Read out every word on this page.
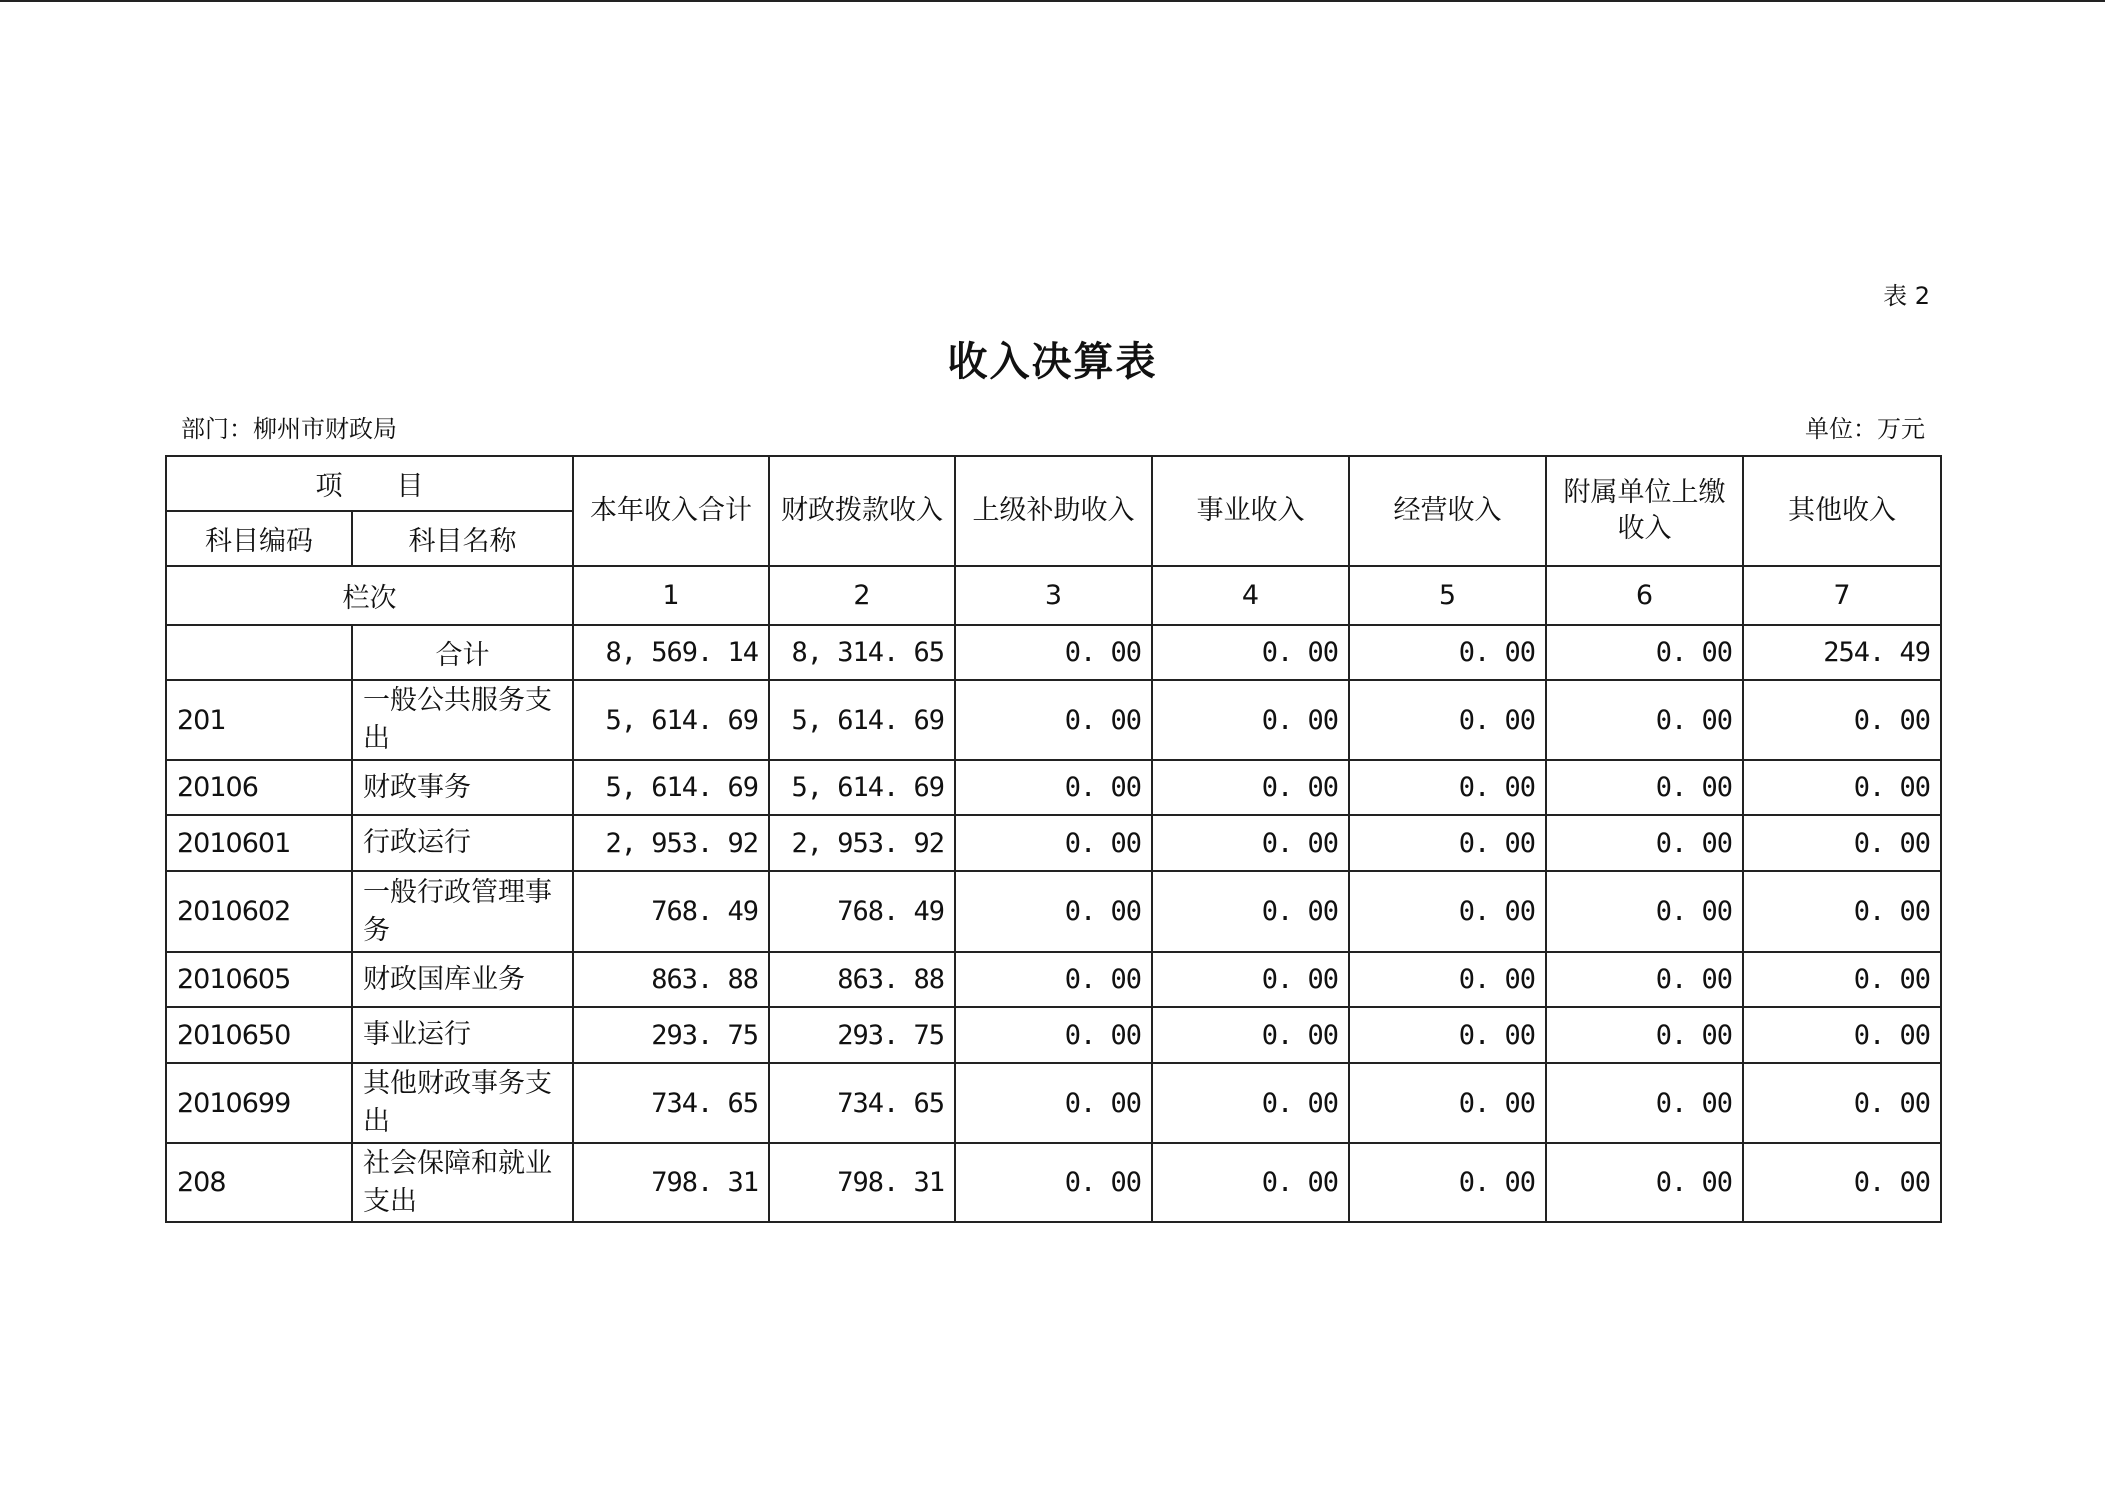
表 2
收入决算表
部门：柳州市财政局	单位：万元
项　　目		本年收入合计	财政拨款收入	上级补助收入	事业收入	经营收入	附属单位上缴收入	其他收入
科目编码	科目名称							
栏次		1	2	3	4	5	6	7
	合计	8, 569. 14	8, 314. 65	0. 00	0. 00	0. 00	0. 00	254. 49
201	一般公共服务支出	5, 614. 69	5, 614. 69	0. 00	0. 00	0. 00	0. 00	0. 00
20106	财政事务	5, 614. 69	5, 614. 69	0. 00	0. 00	0. 00	0. 00	0. 00
2010601	行政运行	2, 953. 92	2, 953. 92	0. 00	0. 00	0. 00	0. 00	0. 00
2010602	一般行政管理事务	768. 49	768. 49	0. 00	0. 00	0. 00	0. 00	0. 00
2010605	财政国库业务	863. 88	863. 88	0. 00	0. 00	0. 00	0. 00	0. 00
2010650	事业运行	293. 75	293. 75	0. 00	0. 00	0. 00	0. 00	0. 00
2010699	其他财政事务支出	734. 65	734. 65	0. 00	0. 00	0. 00	0. 00	0. 00
208	社会保障和就业支出	798. 31	798. 31	0. 00	0. 00	0. 00	0. 00	0. 00
